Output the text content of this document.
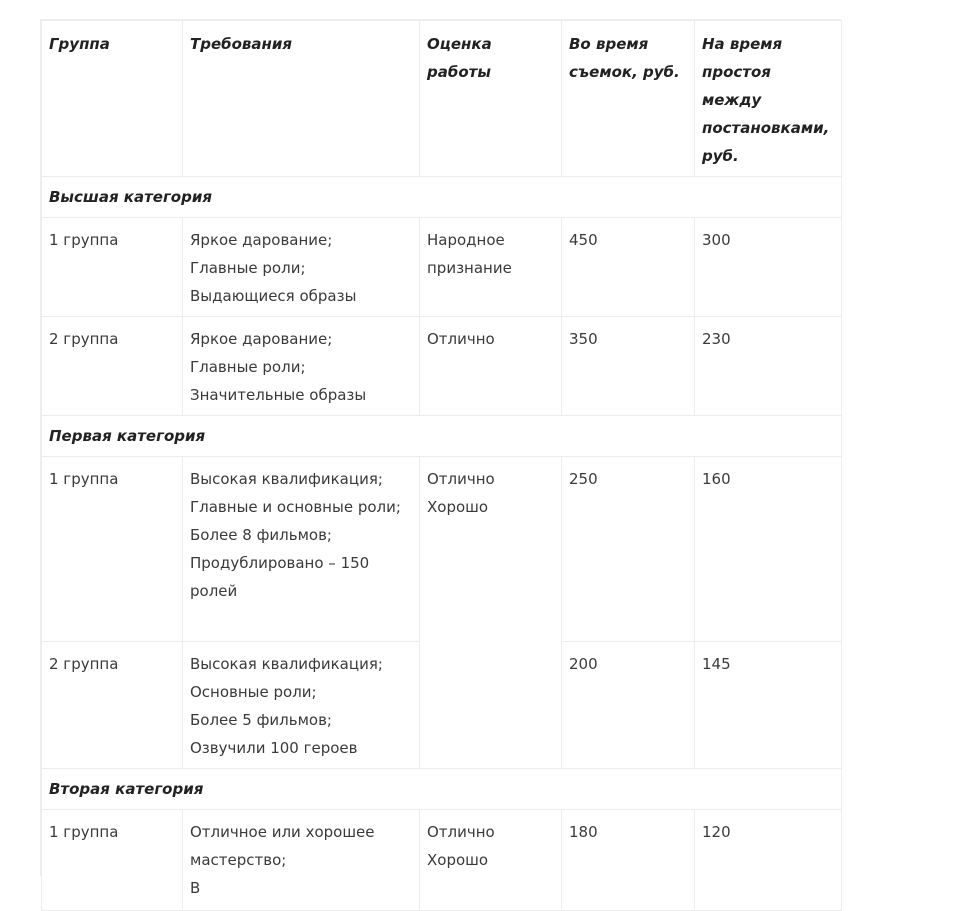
Группа	Требования	Оценка работы	Во время съемок, руб.	На время простоя между постановками, руб.

Высшая категория				

1 группа	Яркое дарование;
Главные роли;
Выдающиеся образы	Народное признание	450	300

2 группа	Яркое дарование;
Главные роли;
Значительные образы	Отлично	350	230

Первая категория				

1 группа	Высокая квалификация;
Главные и основные роли;
Более 8 фильмов;
Продублировано – 150 ролей	Отлично
Хорошо	250	160

2 группа	Высокая квалификация;
Основные роли;
Более 5 фильмов;
Озвучили 100 героев		200	145

Вторая категория				

1 группа	Отличное или хорошее мастерство;
В	Отлично
Хорошо	180	120
